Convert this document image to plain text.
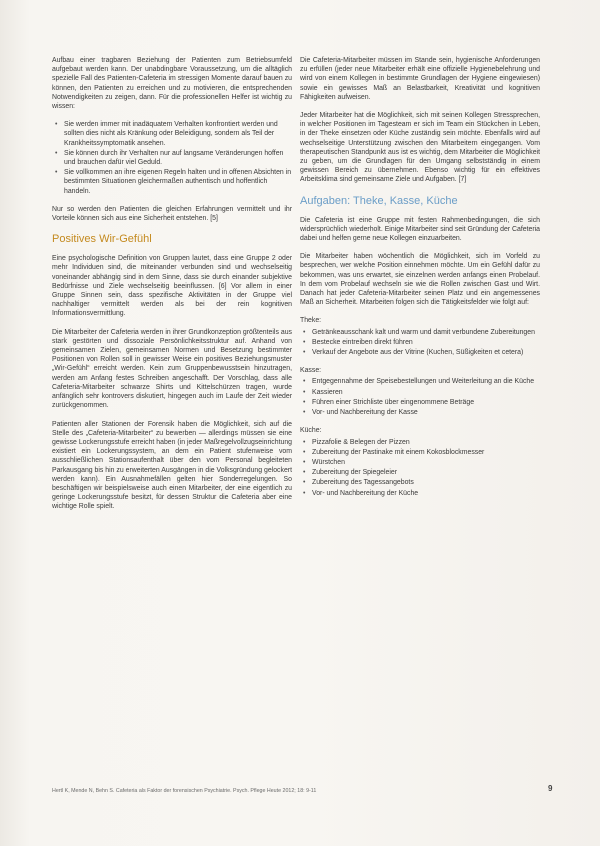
Aufbau einer tragbaren Beziehung der Patienten zum Betriebsumfeld aufgebaut werden kann. Der unabdingbare Voraussetzung, um die alltäglich spezielle Fall des Patienten-Cafeteria im stressigen Momente darauf bauen zu können, den Patienten zu erreichen und zu motivieren, die entsprechenden Notwendigkeiten zu zeigen, dann. Für die professionellen Helfer ist wichtig zu wissen:

• Sie werden immer mit inadäquatem Verhalten konfrontiert werden und sollten dies nicht als Kränkung oder Beleidigung, sondern als Teil der Krankheitssymptomatik ansehen.
• Sie können durch ihr Verhalten nur auf langsame Veränderungen hoffen und brauchen dafür viel Geduld.
• Sie vollkommen an ihre eigenen Regeln halten und in offenen Absichten in bestimmten Situationen gleichermaßen authentisch und hoffentlich handeln.

Nur so werden den Patienten die gleichen Erfahrungen vermittelt und ihr Vorteile können sich aus eine Sicherheit entstehen. [5]

Positives Wir-Gefühl

Eine psychologische Definition von Gruppen lautet, dass eine Gruppe 2 oder mehr Individuen sind, die miteinander verbunden sind und wechselseitig voneinander abhängig sind in dem Sinne, dass sie durch einander subjektive Bedürfnisse und Ziele wechselseitig beeinflussen. [6] Vor allem in einer Gruppe Sinnen sein, dass spezifische Aktivitäten in der Gruppe viel nachhaltiger vermittelt werden als bei der rein kognitiven Informationsvermittlung.

Die Mitarbeiter der Cafeteria werden in ihrer Grundkonzeption größtenteils aus stark gestörten und dissoziale Persönlichkeitsstruktur auf. Anhand von gemeinsamen Zielen, gemeinsamen Normen und Besetzung bestimmter Positionen von Rollen soll in gewisser Weise ein positives Beziehungsmuster „Wir-Gefühl“ erreicht werden. Kein zum Gruppenbewusstsein hinzutragen, werden am Anfang festes Schreiben angeschafft. Der Vorschlag, dass alle Cafeteria-Mitarbeiter schwarze Shirts und Kittelschürzen tragen, wurde anfänglich sehr kontrovers diskutiert, hingegen auch im Laufe der Zeit wieder zurückgenommen.

Patienten aller Stationen der Forensik haben die Möglichkeit, sich auf die Stelle des „Cafeteria-Mitarbeiter“ zu bewerben — allerdings müssen sie eine gewisse Lockerungsstufe erreicht haben (in jeder Maßregelvollzugseinrichtung existiert ein Lockerungssystem, an dem ein Patient stufenweise vom ausschließlichen Stationsaufenthalt über den vom Personal begleiteten Parkausgang bis hin zu erweiterten Ausgängen in die Volksgründung gelockert werden kann). Ein Ausnahmefällen gelten hier Sonderregelungen. So beschäftigen wir beispielsweise auch einen Mitarbeiter, der eine eigentlich zu geringe Lockerungsstufe besitzt, für dessen Struktur die Cafeteria aber eine wichtige Rolle spielt.

Die Cafeteria-Mitarbeiter müssen im Stande sein, hygienische Anforderungen zu erfüllen (jeder neue Mitarbeiter erhält eine offizielle Hygienebelehrung und wird von einem Kollegen in bestimmte Grundlagen der Hygiene eingewiesen) sowie ein gewisses Maß an Belastbarkeit, Kreativität und kognitiven Fähigkeiten aufweisen.

Jeder Mitarbeiter hat die Möglichkeit, sich mit seinen Kollegen Stressprechen, in welcher Positionen im Tagesteam er sich im Team ein Stückchen in Leben, in der Theke einsetzen oder Küche zuständig sein möchte. Ebenfalls wird auf wechselseitige Unterstützung zwischen den Mitarbeitern eingegangen. Vom therapeutischen Standpunkt aus ist es wichtig, dem Mitarbeiter die Möglichkeit zu geben, um die Grundlagen für den Umgang selbstständig in einem gewissen Bereich zu übernehmen. Ebenso wichtig für ein effektives Arbeitsklima sind gemeinsame Ziele und Aufgaben. [7]

Aufgaben: Theke, Kasse, Küche

Die Cafeteria ist eine Gruppe mit festen Rahmenbedingungen, die sich widersprüchlich wiederholt. Einige Mitarbeiter sind seit Gründung der Cafeteria dabei und helfen gerne neue Kollegen einzuarbeiten.

Die Mitarbeiter haben wöchentlich die Möglichkeit, sich im Vorfeld zu besprechen, wer welche Position einnehmen möchte. Um ein Gefühl dafür zu bekommen, was uns erwartet, sie einzelnen werden anfangs einen Probelauf. In dem vom Probelauf wechseln sie wie die Rollen zwischen Gast und Wirt. Danach hat jeder Cafeteria-Mitarbeiter seinen Platz und ein angemessenes Maß an Sicherheit. Mitarbeiten folgen sich die Tätigkeitsfelder wie folgt auf:

Theke:
• Getränkeausschank kalt und warm und damit verbundene Zubereitungen
• Bestecke eintreiben direkt führen
• Verkauf der Angebote aus der Vitrine (Kuchen, Süßigkeiten et cetera)
Kasse:
• Entgegennahme der Speisebestellungen und Weiterleitung an die Küche
• Kassieren
• Führen einer Strichliste über eingenommene Beträge
• Vor- und Nachbereitung der Kasse
Küche:
• Pizzafolie & Belegen der Pizzen
• Zubereitung der Pastinake mit einem Kokosblockmesser
• Würstchen
• Zubereitung der Spiegeleier
• Zubereitung des Tagessangebots
• Vor- und Nachbereitung der Küche
Hertl K, Mende N, Behn S. Cafeteria als Faktor der forensischen Psychiatrie. Psych. Pflege Heute 2012; 18: 9-11	9
